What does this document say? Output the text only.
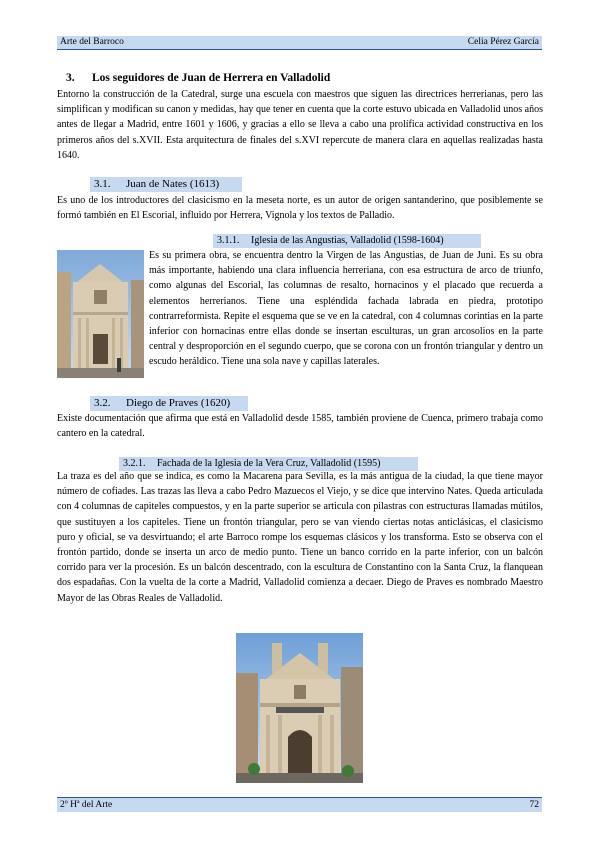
Arte del Barroco	Celia Pérez García
3. Los seguidores de Juan de Herrera en Valladolid

Entorno la construcción de la Catedral, surge una escuela con maestros que siguen las directrices herrerianas, pero las simplifican y modifican su canon y medidas, hay que tener en cuenta que la corte estuvo ubicada en Valladolid unos años antes de llegar a Madrid, entre 1601 y 1606, y gracias a ello se lleva a cabo una prolífica actividad constructiva en los primeros años del s.XVII. Esta arquitectura de finales del s.XVI repercute de manera clara en aquellas realizadas hasta 1640.

3.1. Juan de Nates (1613)

Es uno de los introductores del clasicismo en la meseta norte, es un autor de origen santanderino, que posiblemente se formó también en El Escorial, influido por Herrera, Vignola y los textos de Palladio.

3.1.1. Iglesia de las Angustias, Valladolid (1598-1604)

Es su primera obra, se encuentra dentro la Virgen de las Angustias, de Juan de Juni. Es su obra más importante, habiendo una clara influencia herreriana, con esa estructura de arco de triunfo, como algunas del Escorial, las columnas de resalto, hornacinos y el placado que recuerda a elementos herrerianos. Tiene una espléndida fachada labrada en piedra, prototipo contrarreformista. Repite el esquema que se ve en la catedral, con 4 columnas corintias en la parte inferior con hornacinas entre ellas donde se insertan esculturas, un gran arcosolios en la parte central y desproporción en el segundo cuerpo, que se corona con un frontón triangular y dentro un escudo heráldico. Tiene una sola nave y capillas laterales.

3.2. Diego de Praves (1620)

Existe documentación que afirma que está en Valladolid desde 1585, también proviene de Cuenca, primero trabaja como cantero en la catedral.

3.2.1. Fachada de la Iglesia de la Vera Cruz, Valladolid (1595)

La traza es del año que se indica, es como la Macarena para Sevilla, es la más antigua de la ciudad, la que tiene mayor número de cofiades. Las trazas las lleva a cabo Pedro Mazuecos el Viejo, y se dice que intervino Nates. Queda articulada con 4 columnas de capiteles compuestos, y en la parte superior se articula con pilastras con estructuras llamadas mútilos, que sustituyen a los capiteles. Tiene un frontón triangular, pero se van viendo ciertas notas anticlásicas, el clasicismo puro y oficial, se va desvirtuando; el arte Barroco rompe los esquemas clásicos y los transforma. Esto se observa con el frontón partido, donde se inserta un arco de medio punto. Tiene un banco corrido en la parte inferior, con un balcón corrido para ver la procesión. Es un balcón descentrado, con la escultura de Constantino con la Santa Cruz, la flanquean dos espadañas. Con la vuelta de la corte a Madrid, Valladolid comienza a decaer. Diego de Praves es nombrado Maestro Mayor de las Obras Reales de Valladolid.

2º Hª del Arte	72
